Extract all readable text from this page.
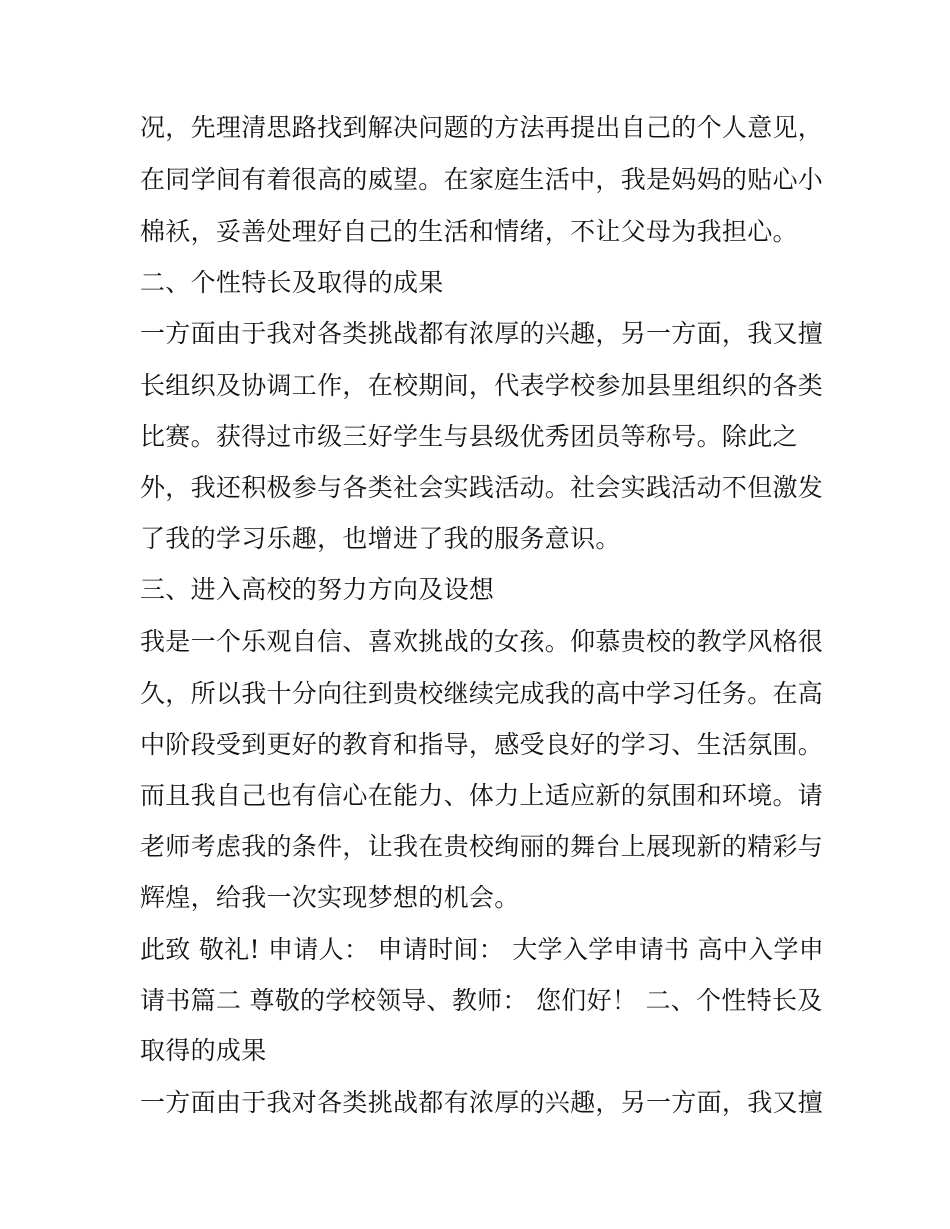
况，先理清思路找到解决问题的方法再提出自己的个人意见，
在同学间有着很高的威望。在家庭生活中，我是妈妈的贴心小
棉袄，妥善处理好自己的生活和情绪，不让父母为我担心。
二、个性特长及取得的成果
一方面由于我对各类挑战都有浓厚的兴趣，另一方面，我又擅
长组织及协调工作，在校期间，代表学校参加县里组织的各类
比赛。获得过市级三好学生与县级优秀团员等称号。除此之
外，我还积极参与各类社会实践活动。社会实践活动不但激发
了我的学习乐趣，也增进了我的服务意识。
三、进入高校的努力方向及设想
我是一个乐观自信、喜欢挑战的女孩。仰慕贵校的教学风格很
久，所以我十分向往到贵校继续完成我的高中学习任务。在高
中阶段受到更好的教育和指导，感受良好的学习、生活氛围。
而且我自己也有信心在能力、体力上适应新的氛围和环境。请
老师考虑我的条件，让我在贵校绚丽的舞台上展现新的精彩与
辉煌，给我一次实现梦想的机会。
此致 敬礼! 申请人： 申请时间： 大学入学申请书 高中入学申
请书篇二 尊敬的学校领导、教师： 您们好！ 二、个性特长及
取得的成果
一方面由于我对各类挑战都有浓厚的兴趣，另一方面，我又擅
